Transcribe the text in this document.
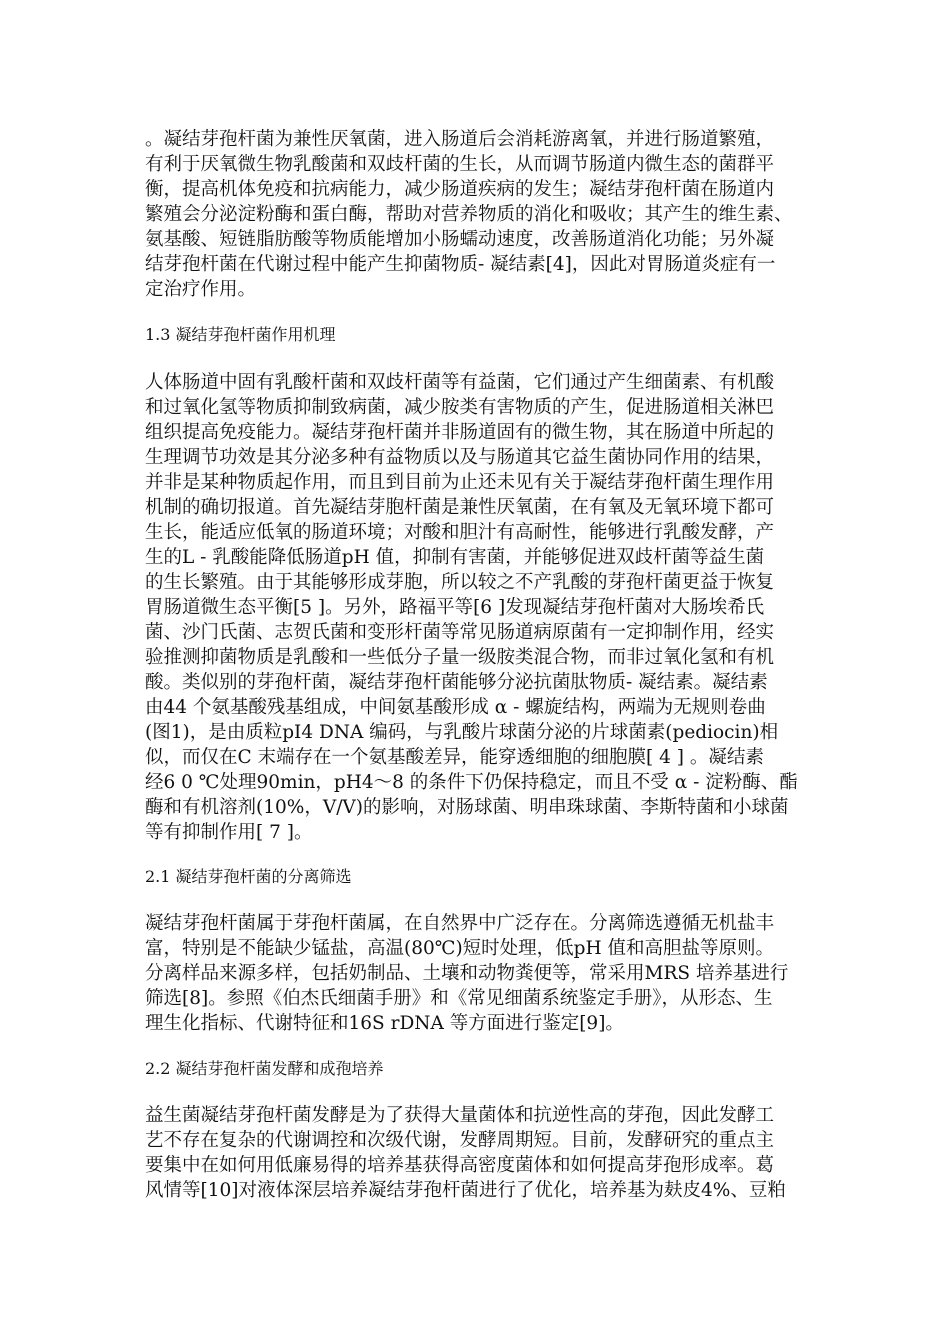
。凝结芽孢杆菌为兼性厌氧菌，进入肠道后会消耗游离氧，并进行肠道繁殖，
有利于厌氧微生物乳酸菌和双歧杆菌的生长，从而调节肠道内微生态的菌群平
衡，提高机体免疫和抗病能力，减少肠道疾病的发生；凝结芽孢杆菌在肠道内
繁殖会分泌淀粉酶和蛋白酶，帮助对营养物质的消化和吸收；其产生的维生素、
氨基酸、短链脂肪酸等物质能增加小肠蠕动速度，改善肠道消化功能；另外凝
结芽孢杆菌在代谢过程中能产生抑菌物质- 凝结素[4]，因此对胃肠道炎症有一
定治疗作用。
1.3 凝结芽孢杆菌作用机理
人体肠道中固有乳酸杆菌和双歧杆菌等有益菌，它们通过产生细菌素、有机酸
和过氧化氢等物质抑制致病菌，减少胺类有害物质的产生，促进肠道相关淋巴
组织提高免疫能力。凝结芽孢杆菌并非肠道固有的微生物，其在肠道中所起的
生理调节功效是其分泌多种有益物质以及与肠道其它益生菌协同作用的结果，
并非是某种物质起作用，而且到目前为止还未见有关于凝结芽孢杆菌生理作用
机制的确切报道。首先凝结芽胞杆菌是兼性厌氧菌，在有氧及无氧环境下都可
生长，能适应低氧的肠道环境；对酸和胆汁有高耐性，能够进行乳酸发酵，产
生的L - 乳酸能降低肠道pH 值，抑制有害菌，并能够促进双歧杆菌等益生菌
的生长繁殖。由于其能够形成芽胞，所以较之不产乳酸的芽孢杆菌更益于恢复
胃肠道微生态平衡[5 ]。另外，路福平等[6 ]发现凝结芽孢杆菌对大肠埃希氏
菌、沙门氏菌、志贺氏菌和变形杆菌等常见肠道病原菌有一定抑制作用，经实
验推测抑菌物质是乳酸和一些低分子量一级胺类混合物，而非过氧化氢和有机
酸。类似别的芽孢杆菌，凝结芽孢杆菌能够分泌抗菌肽物质- 凝结素。凝结素
由44 个氨基酸残基组成，中间氨基酸形成 α - 螺旋结构，两端为无规则卷曲
(图1)，是由质粒pI4 DNA 编码，与乳酸片球菌分泌的片球菌素(pediocin)相
似，而仅在C 末端存在一个氨基酸差异，能穿透细胞的细胞膜[ 4 ] 。凝结素
经6 0 ℃处理90min，pH4～8 的条件下仍保持稳定，而且不受 α - 淀粉酶、酯
酶和有机溶剂(10%，V/V)的影响，对肠球菌、明串珠球菌、李斯特菌和小球菌
等有抑制作用[ 7 ]。
2.1 凝结芽孢杆菌的分离筛选
凝结芽孢杆菌属于芽孢杆菌属，在自然界中广泛存在。分离筛选遵循无机盐丰
富，特别是不能缺少锰盐，高温(80℃)短时处理，低pH 值和高胆盐等原则。
分离样品来源多样，包括奶制品、土壤和动物粪便等，常采用MRS 培养基进行
筛选[8]。参照《伯杰氏细菌手册》和《常见细菌系统鉴定手册》，从形态、生
理生化指标、代谢特征和16S rDNA 等方面进行鉴定[9]。
2.2 凝结芽孢杆菌发酵和成孢培养
益生菌凝结芽孢杆菌发酵是为了获得大量菌体和抗逆性高的芽孢，因此发酵工
艺不存在复杂的代谢调控和次级代谢，发酵周期短。目前，发酵研究的重点主
要集中在如何用低廉易得的培养基获得高密度菌体和如何提高芽孢形成率。葛
风情等[10]对液体深层培养凝结芽孢杆菌进行了优化，培养基为麸皮4%、豆粕
